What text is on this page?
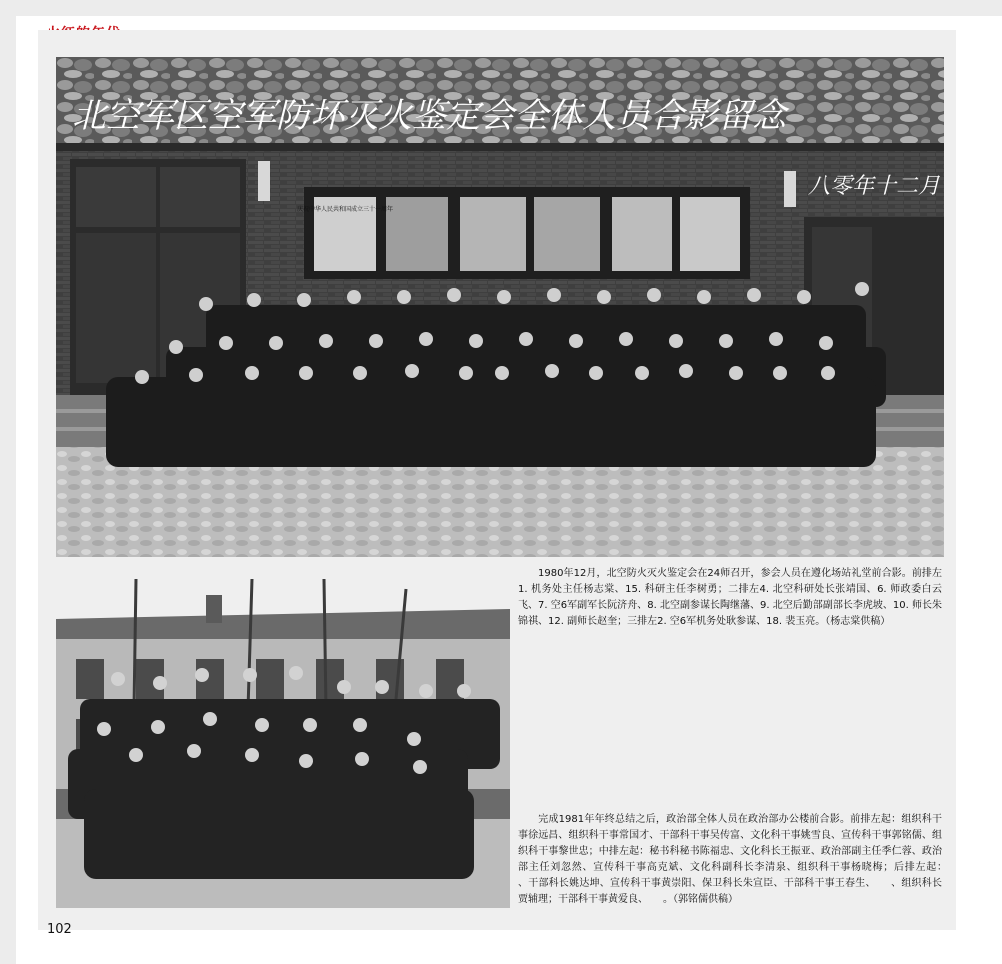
庆祝中华人民共和国成立三十一周年
北空军区空军防坏灭火鉴定会全体人员合影留念
八零年十二月
1980年12月，北空防火灭火鉴定会在24师召开，参会人员在遵化场站礼堂前合影。前排左1. 机务处主任杨志棠、15. 科研主任李树勇；二排左4. 北空科研处长张靖国、6. 师政委白云飞、7. 空6军副军长阮济舟、8. 北空副参谋长陶继藩、9. 北空后勤部副部长李虎坡、10. 师长朱锦祺、12. 副师长赵奎；三排左2. 空6军机务处耿参谋、18. 裴玉亮。（杨志棠供稿）
完成1981年年终总结之后，政治部全体人员在政治部办公楼前合影。前排左起：组织科干事徐远昌、组织科干事常国才、干部科干事吴传富、文化科干事姚雪良、宣传科干事郭铭儒、组织科干事黎世忠；中排左起：秘书科秘书陈福忠、文化科长王振亚、政治部副主任季仁蓉、政治部主任刘忽然、宣传科干事高克斌、文化科副科长李清泉、组织科干事杨晓梅；后排左起：　　、干部科长姚达坤、宣传科干事黄崇阳、保卫科长朱宣臣、干部科干事王春生、　　、组织科长贾辅理；干部科干事黄爱良、　　。（郭铭儒供稿）
102
